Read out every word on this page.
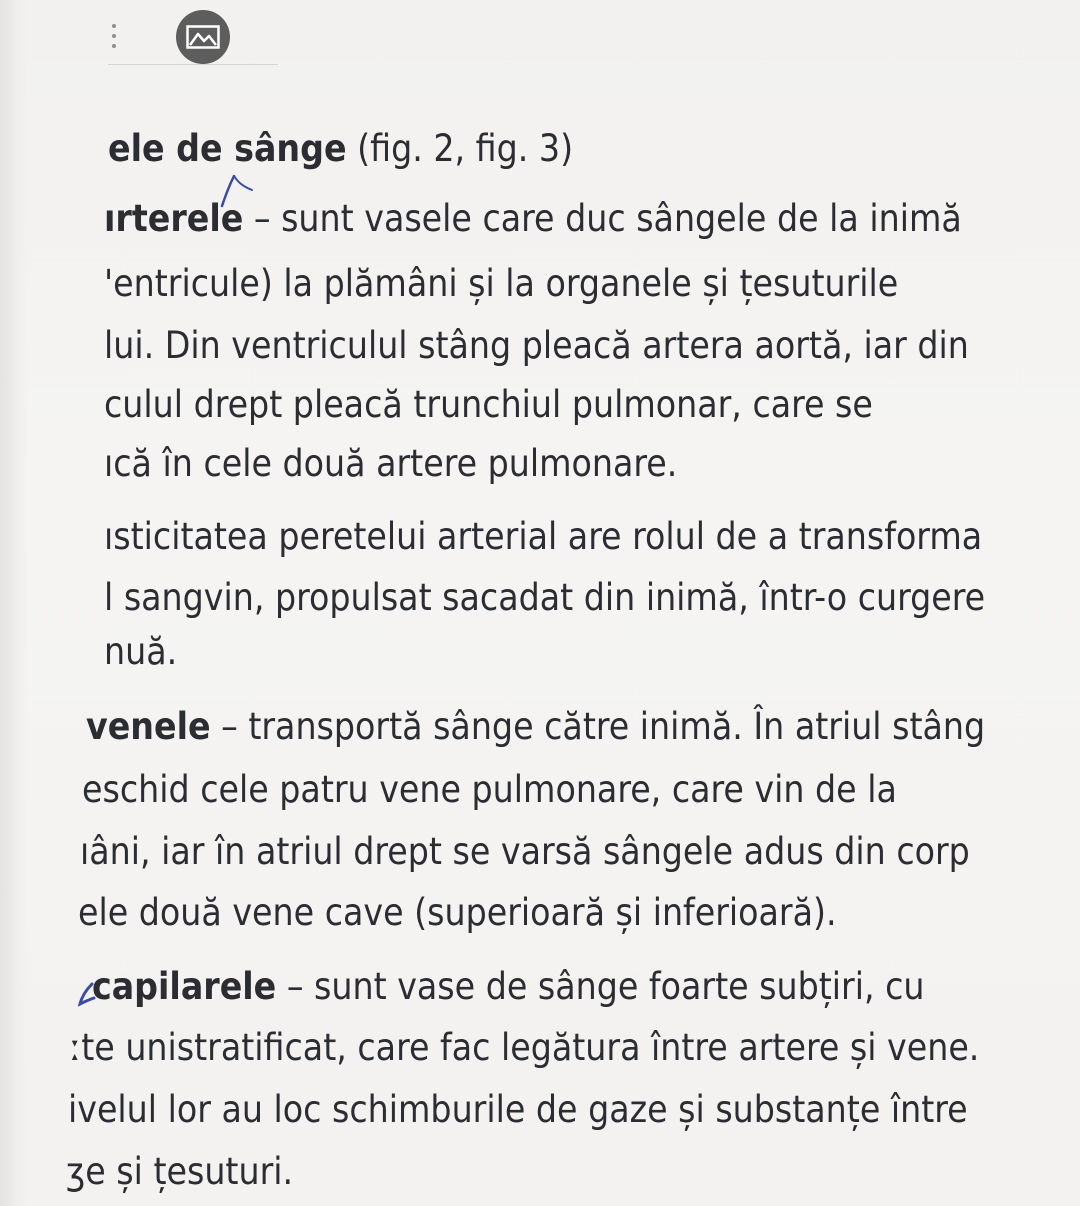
ele de sânge (fig. 2, fig. 3)
ırterele – sunt vasele care duc sângele de la inimă
'entricule) la plămâni și la organele și țesuturile
lui. Din ventriculul stâng pleacă artera aortă, iar din
culul drept pleacă trunchiul pulmonar, care se
ıcă în cele două artere pulmonare.
ısticitatea peretelui arterial are rolul de a transforma
l sangvin, propulsat sacadat din inimă, într-o curgere
nuă.
venele – transportă sânge către inimă. În atriul stâng
eschid cele patru vene pulmonare, care vin de la
ıâni, iar în atriul drept se varsă sângele adus din corp
ele două vene cave (superioară și inferioară).
capilarele – sunt vase de sânge foarte subțiri, cu
ːte unistratificat, care fac legătura între artere și vene.
ivelul lor au loc schimburile de gaze și substanțe între
ʒe și țesuturi.
